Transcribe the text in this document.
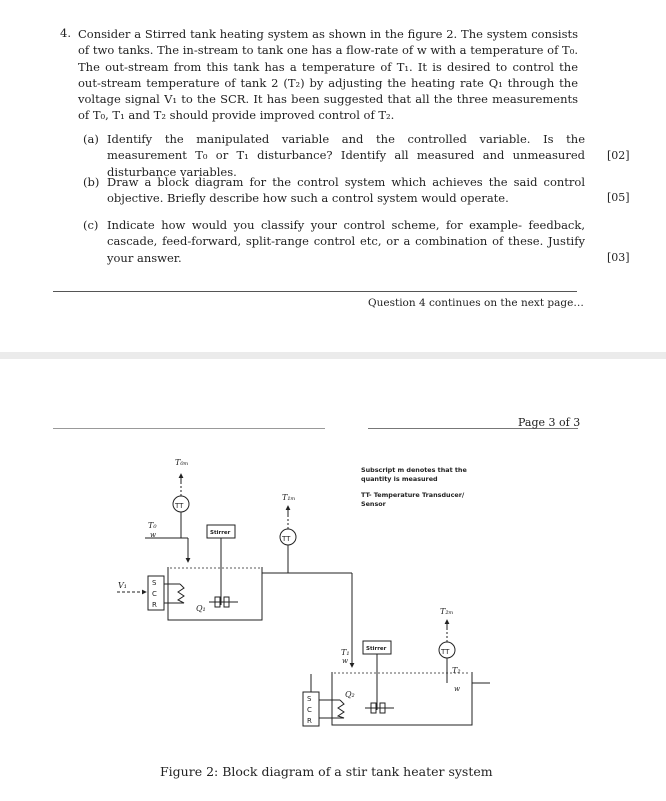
4. Consider a Stirred tank heating system as shown in the figure 2. The system consists of two tanks. The in-stream to tank one has a flow-rate of w with a temperature of T₀. The out-stream from this tank has a temperature of T₁. It is desired to control the out-stream temperature of tank 2 (T₂) by adjusting the heating rate Q₁ through the voltage signal V₁ to the SCR. It has been suggested that all the three measurements of T₀, T₁ and T₂ should provide improved control of T₂.
(a) Identify the manipulated variable and the controlled variable. Is the measurement T₀ or T₁ disturbance? Identify all measured and unmeasured disturbance variables.
[02]
(b) Draw a block diagram for the control system which achieves the said control objective. Briefly describe how such a control system would operate.	[05]
(c) Indicate how would you classify your control scheme, for example- feedback, cascade, feed-forward, split-range control etc, or a combination of these. Justify your answer.	[03]
Question 4 continues on the next page…
Page 3 of 3
T₀ₘ
T₁ₘ
T₂ₘ
TT
TT
TT
Stirrer
Stirrer
S
C
R
S
C
R
T₀
w
T₁
w
T₂
w
V₁
Q₁
Q₂
Subscript m denotes that the
quantity is measured
TT- Temperature Transducer/
Sensor
Figure 2: Block diagram of a stir tank heater system
